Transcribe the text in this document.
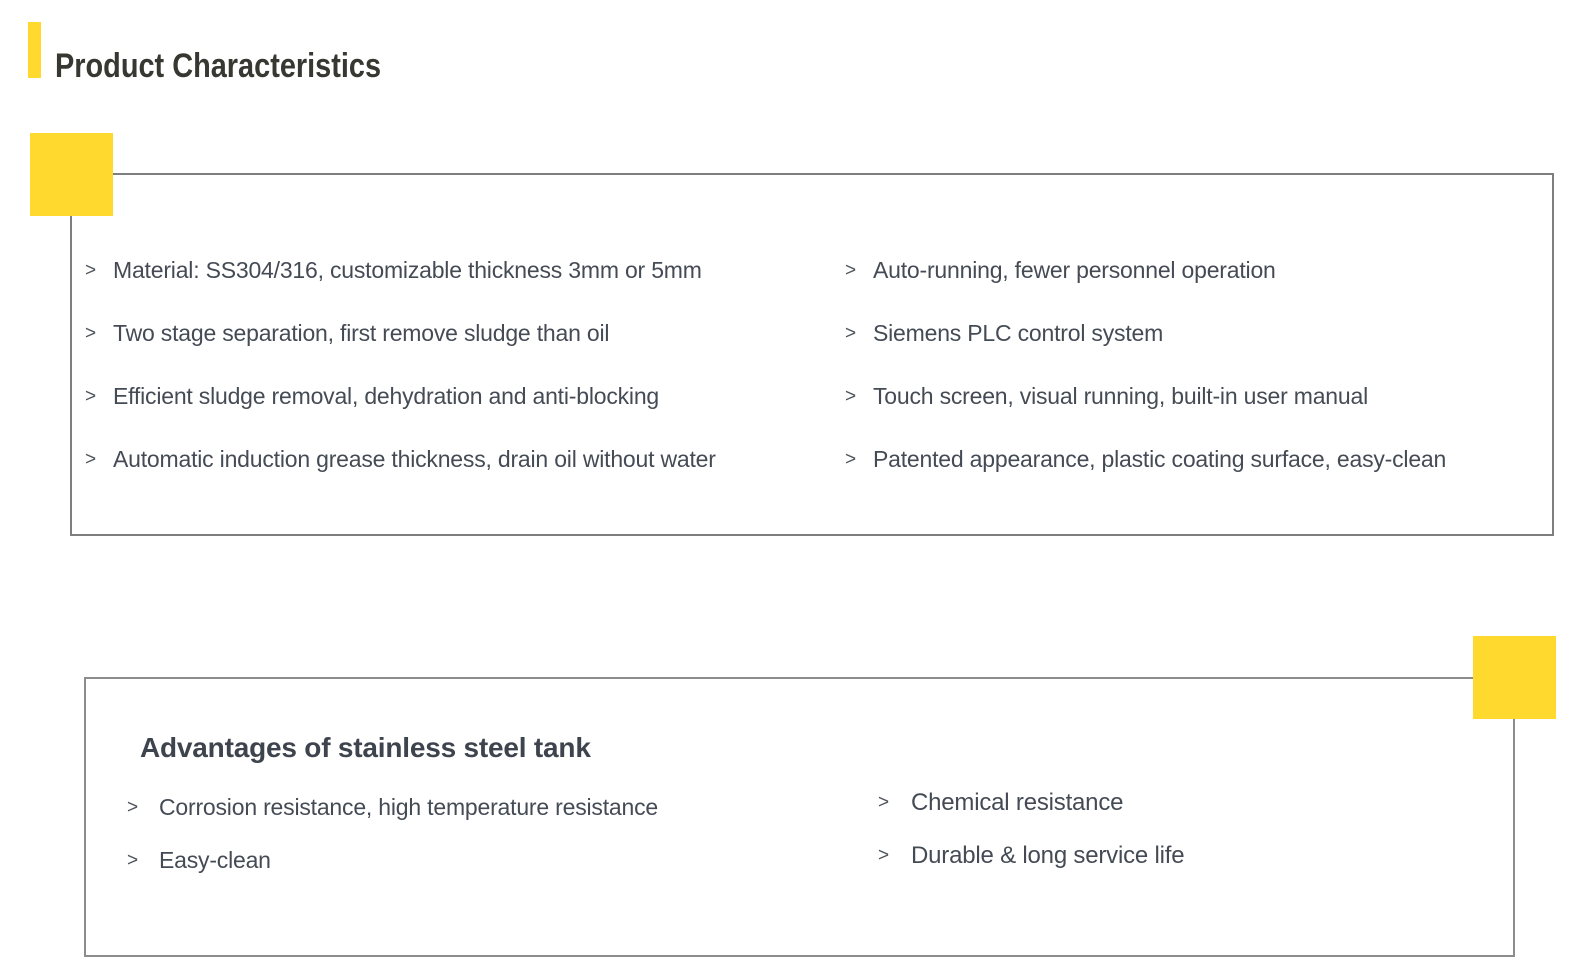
Product Characteristics
> Material: SS304/316, customizable thickness 3mm or 5mm
> Two stage separation, first remove sludge than oil
> Efficient sludge removal, dehydration and anti-blocking
> Automatic induction grease thickness, drain oil without water
> Auto-running, fewer personnel operation
> Siemens PLC control system
> Touch screen, visual running, built-in user manual
> Patented appearance, plastic coating surface, easy-clean
Advantages of stainless steel tank
> Corrosion resistance, high temperature resistance
> Easy-clean
> Chemical resistance
> Durable & long service life
